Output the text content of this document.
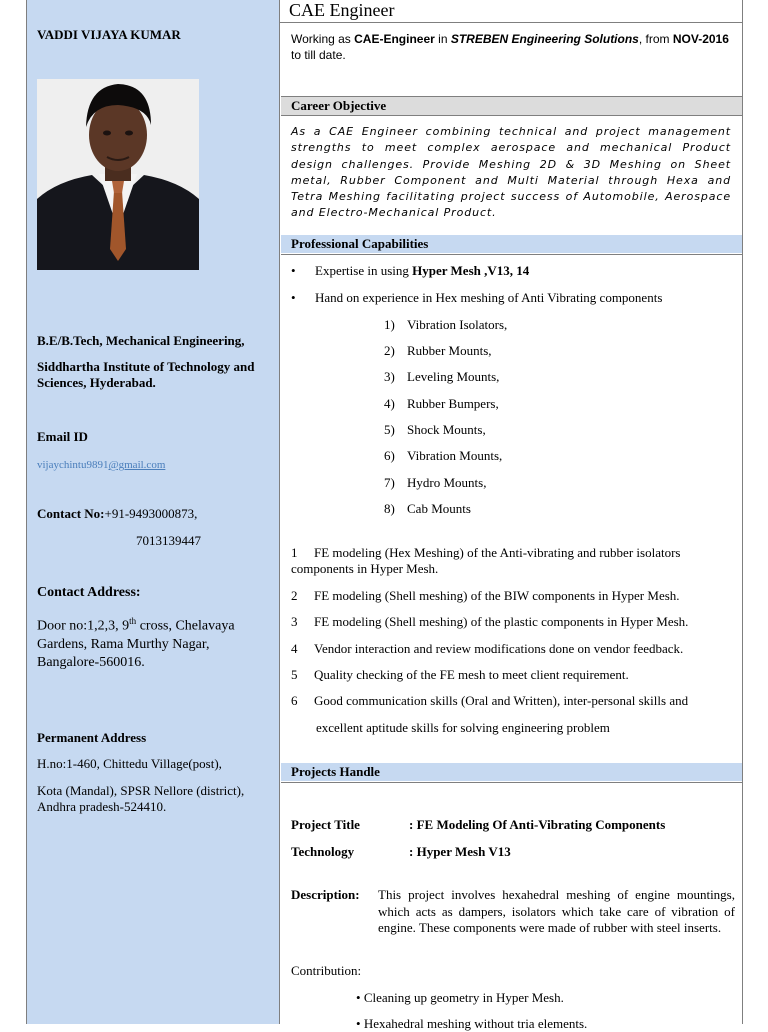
VADDI VIJAYA KUMAR
B.E/B.Tech, Mechanical Engineering,
Siddhartha Institute of Technology and Sciences, Hyderabad.
Email ID
vijaychintu9891@gmail.com
Contact No:+91-9493000873,
7013139447
Contact Address:
Door no:1,2,3, 9th cross, Chelavaya Gardens, Rama Murthy Nagar, Bangalore-560016.
Permanent Address
H.no:1-460, Chittedu Village(post),
Kota (Mandal), SPSR Nellore (district), Andhra pradesh-524410.
CAE Engineer
Working as CAE-Engineer in STREBEN Engineering Solutions, from NOV-2016 to till date.
Career Objective
As a CAE Engineer combining technical and project management strengths to meet complex aerospace and mechanical Product design challenges. Provide Meshing 2D & 3D Meshing on Sheet metal, Rubber Component and Multi Material through Hexa and Tetra Meshing facilitating project success of Automobile, Aerospace and Electro-Mechanical Product.
Professional Capabilities
• Expertise in using Hyper Mesh ,V13, 14
• Hand on experience in Hex meshing of Anti Vibrating components
1) Vibration Isolators,
2) Rubber Mounts,
3) Leveling Mounts,
4) Rubber Bumpers,
5) Shock Mounts,
6) Vibration Mounts,
7) Hydro Mounts,
8) Cab Mounts
1 FE modeling (Hex Meshing) of the Anti-vibrating and rubber isolators components in Hyper Mesh.
2 FE modeling (Shell meshing) of the BIW components in Hyper Mesh.
3 FE modeling (Shell meshing) of the plastic components in Hyper Mesh.
4 Vendor interaction and review modifications done on vendor feedback.
5 Quality checking of the FE mesh to meet client requirement.
6 Good communication skills (Oral and Written), inter-personal skills and
excellent aptitude skills for solving engineering problem
Projects Handle
Project Title	: FE Modeling Of Anti-Vibrating Components
Technology	: Hyper Mesh V13
Description: This project involves hexahedral meshing of engine mountings, which acts as dampers, isolators which take care of vibration of engine. These components were made of rubber with steel inserts.
Contribution:
• Cleaning up geometry in Hyper Mesh.
• Hexahedral meshing without tria elements.
